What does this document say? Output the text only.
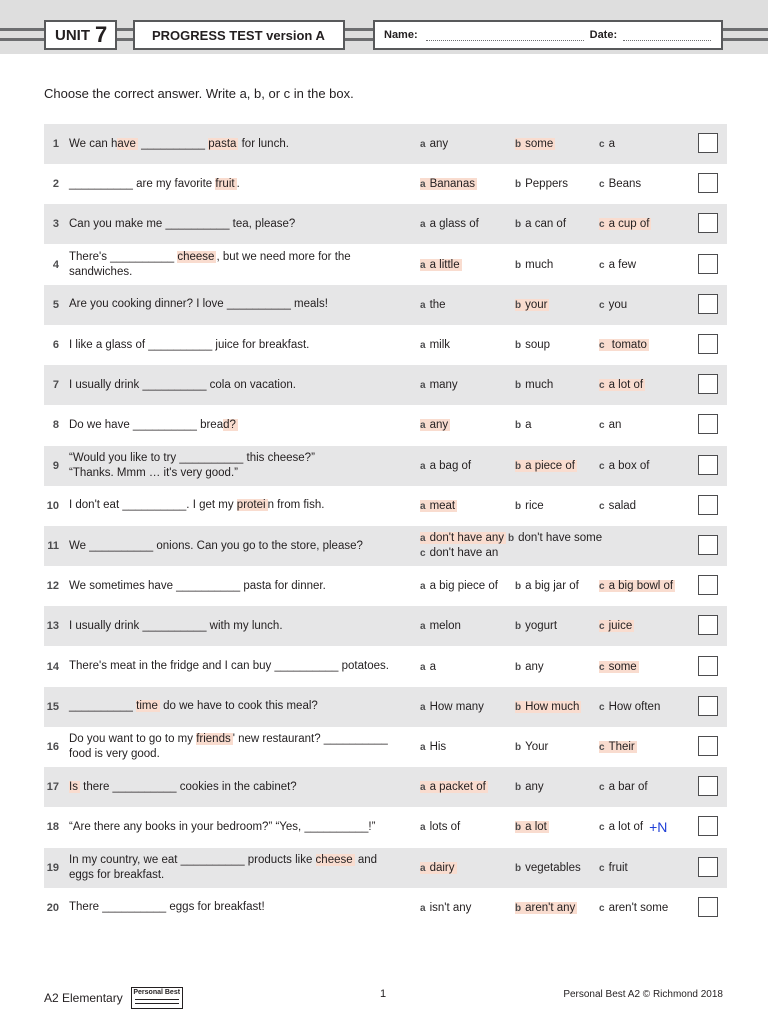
UNIT 7	PROGRESS TEST version A	Name:	Date:
Choose the correct answer. Write a, b, or c in the box.
1 We can have __________ pasta for lunch.	a any	b some	c a
2 __________ are my favorite fruit .	a Bananas	b Peppers	c Beans
3 Can you make me __________ tea, please?	a a glass of	b a can of	c a cup of
4
There's __________ cheese , but we need more for the
sandwiches.
a a little	b much	c a few
5 Are you cooking dinner? I love __________ meals!	a the	b your	c you
6 I like a glass of __________ juice for breakfast.	a milk	b soup	c tomato
7 I usually drink __________ cola on vacation.	a many	b much	c a lot of
8 Do we have __________ bread?	a any	b a	c an
9
“Would you like to try __________ this cheese?”
“Thanks. Mmm … it's very good.”
a a bag of	b a piece of c a box of
10 I don't eat __________. I get my protei n from fish.	a meat	b rice	c salad
11 We __________ onions. Can you go to the store, please?
a don't have any b don't have some
c don't have an
12 We sometimes have __________ pasta for dinner.	a a big piece of b a big jar of c a big bowl of
13 I usually drink __________ with my lunch.	a melon	b yogurt	c juice
14 There's meat in the fridge and I can buy __________ potatoes.	a a	b any	c some
15 __________ time do we have to cook this meal?	a How many	b How much c How often
16
Do you want to go to my friends ' new restaurant? __________
food is very good.
a His	b Your	c Their
17 Is there __________ cookies in the cabinet?	a a packet of	b any	c a bar of
18 “Are there any books in your bedroom?” “Yes, __________!”	a lots of	b a lot	c a lot of +N
19
In my country, we eat __________ products like cheese and
eggs for breakfast.
a dairy	b vegetables c fruit
20 There __________ eggs for breakfast!	a isn't any	b aren't any c aren't some
A2 Elementary	Personal Best	1	Personal Best A2 © Richmond 2018
